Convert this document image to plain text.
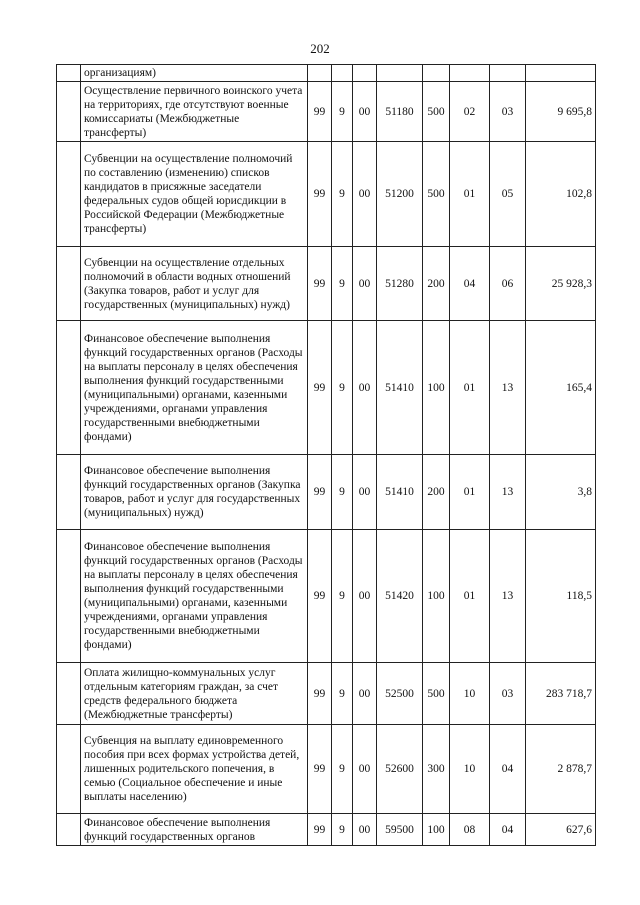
202
	организациям)								
	Осуществление первичного воинского учета на территориях, где отсутствуют военные комиссариаты (Межбюджетные трансферты)	99	9	00	51180	500	02	03	9 695,8
	Субвенции на осуществление полномочий по составлению (изменению) списков кандидатов в присяжные заседатели федеральных судов общей юрисдикции в Российской Федерации (Межбюджетные трансферты)	99	9	00	51200	500	01	05	102,8
	Субвенции на осуществление отдельных полномочий в области водных отношений (Закупка товаров, работ и услуг для государственных (муниципальных) нужд)	99	9	00	51280	200	04	06	25 928,3
	Финансовое обеспечение выполнения функций государственных органов (Расходы на выплаты персоналу в целях обеспечения выполнения функций государственными (муниципальными) органами, казенными учреждениями, органами управления государственными внебюджетными фондами)	99	9	00	51410	100	01	13	165,4
	Финансовое обеспечение выполнения функций государственных органов (Закупка товаров, работ и услуг для государственных (муниципальных) нужд)	99	9	00	51410	200	01	13	3,8
	Финансовое обеспечение выполнения функций государственных органов (Расходы на выплаты персоналу в целях обеспечения выполнения функций государственными (муниципальными) органами, казенными учреждениями, органами управления государственными внебюджетными фондами)	99	9	00	51420	100	01	13	118,5
	Оплата жилищно-коммунальных услуг отдельным категориям граждан, за счет средств федерального бюджета (Межбюджетные трансферты)	99	9	00	52500	500	10	03	283 718,7
	Субвенция на выплату единовременного пособия при всех формах устройства детей, лишенных родительского попечения, в семью (Социальное обеспечение и иные выплаты населению)	99	9	00	52600	300	10	04	2 878,7
	Финансовое обеспечение выполнения функций государственных органов	99	9	00	59500	100	08	04	627,6
